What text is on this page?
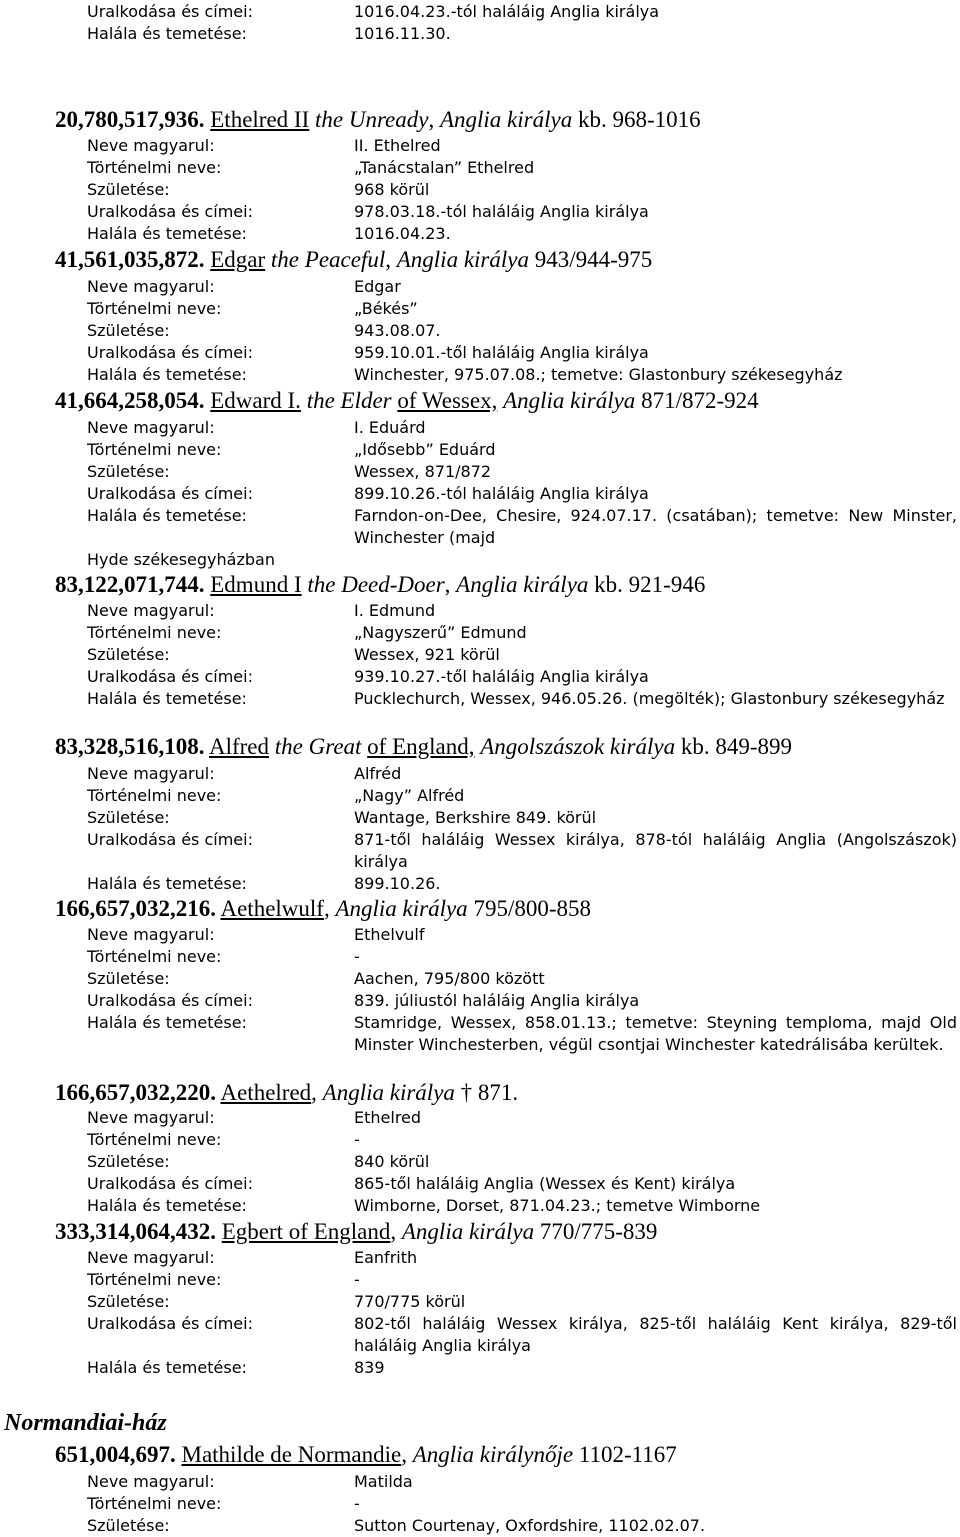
Uralkodása és címei:	1016.04.23.-tól haláláig Anglia királya
Halála és temetése:	1016.11.30.
20,780,517,936. Ethelred II the Unready, Anglia királya kb. 968-1016
Neve magyarul:	II. Ethelred
Történelmi neve:	„Tanácstalan” Ethelred
Születése:	968 körül
Uralkodása és címei:	978.03.18.-tól haláláig Anglia királya
Halála és temetése:	1016.04.23.
41,561,035,872. Edgar the Peaceful, Anglia királya 943/944-975
Neve magyarul:	Edgar
Történelmi neve:	„Békés”
Születése:	943.08.07.
Uralkodása és címei:	959.10.01.-től haláláig Anglia királya
Halála és temetése:	Winchester, 975.07.08.; temetve: Glastonbury székesegyház
41,664,258,054. Edward I. the Elder of Wessex, Anglia királya 871/872-924
Neve magyarul:	I. Eduárd
Történelmi neve:	„Idősebb” Eduárd
Születése:	Wessex, 871/872
Uralkodása és címei:	899.10.26.-tól haláláig Anglia királya
Halála és temetése:	Farndon-on-Dee, Chesire, 924.07.17. (csatában); temetve: New Minster, Winchester (majd
Hyde székesegyházban
83,122,071,744. Edmund I the Deed-Doer, Anglia királya kb. 921-946
Neve magyarul:	I. Edmund
Történelmi neve:	„Nagyszerű” Edmund
Születése:	Wessex, 921 körül
Uralkodása és címei:	939.10.27.-től haláláig Anglia királya
Halála és temetése:	Pucklechurch, Wessex, 946.05.26. (megölték); Glastonbury székesegyház
83,328,516,108. Alfred the Great of England, Angolszászok királya kb. 849-899
Neve magyarul:	Alfréd
Történelmi neve:	„Nagy” Alfréd
Születése:	Wantage, Berkshire 849. körül
Uralkodása és címei:	871-től haláláig Wessex királya, 878-tól haláláig Anglia (Angolszászok) királya
Halála és temetése:	899.10.26.
166,657,032,216. Aethelwulf, Anglia királya 795/800-858
Neve magyarul:	Ethelvulf
Történelmi neve:	-
Születése:	Aachen, 795/800 között
Uralkodása és címei:	839. júliustól haláláig Anglia királya
Halála és temetése:	Stamridge, Wessex, 858.01.13.; temetve: Steyning temploma, majd Old Minster Winchesterben, végül csontjai Winchester katedrálisába kerültek.
166,657,032,220. Aethelred, Anglia királya † 871.
Neve magyarul:	Ethelred
Történelmi neve:	-
Születése:	840 körül
Uralkodása és címei:	865-től haláláig Anglia (Wessex és Kent) királya
Halála és temetése:	Wimborne, Dorset, 871.04.23.; temetve Wimborne
333,314,064,432. Egbert of England, Anglia királya 770/775-839
Neve magyarul:	Eanfrith
Történelmi neve:	-
Születése:	770/775 körül
Uralkodása és címei:	802-től haláláig Wessex királya, 825-től haláláig Kent királya, 829-től haláláig Anglia királya
Halála és temetése:	839
Normandiai-ház
651,004,697. Mathilde de Normandie, Anglia királynője 1102-1167
Neve magyarul:	Matilda
Történelmi neve:	-
Születése:	Sutton Courtenay, Oxfordshire, 1102.02.07.
